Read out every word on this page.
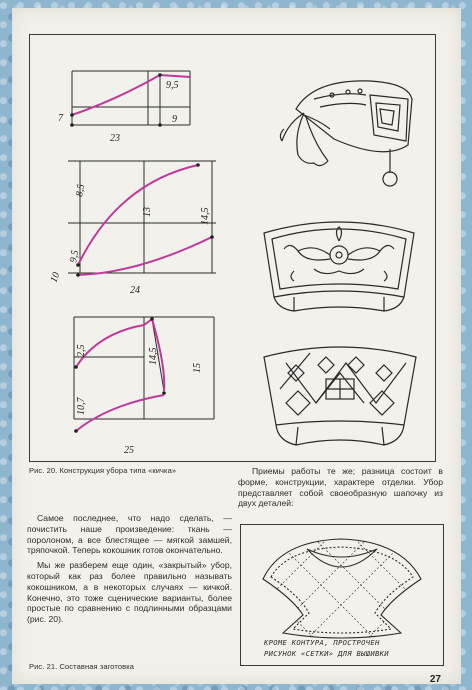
9,5
7
23
9
8,5
13	14,5
9,5
10
24
2,5	14,5
15
10,7
25
Рис. 20. Конструкция убора типа «кичка»

Самое последнее, что надо сделать, — почистить наше произведение: ткань — поролоном, а все блестящее — мягкой замшей, тряпочкой. Теперь кокошник готов окончательно.

Мы же разберем еще один, «закрытый» убор, который как раз более правильно называть кокошником, а в некоторых случаях — кичкой. Конечно, это тоже сценические варианты, более простые по сравнению с подлинными образцами (рис. 20).

Приемы работы те же; разница состоит в форме, конструкции, характере отделки. Убор представляет собой своеобразную шапочку из двух деталей:
КРОМЕ КОНТУРА, ПРОСТРОЧЕН
РИСУНОК «СЕТКИ» ДЛЯ ВЫШИВКИ
Рис. 21. Составная заготовка
27
